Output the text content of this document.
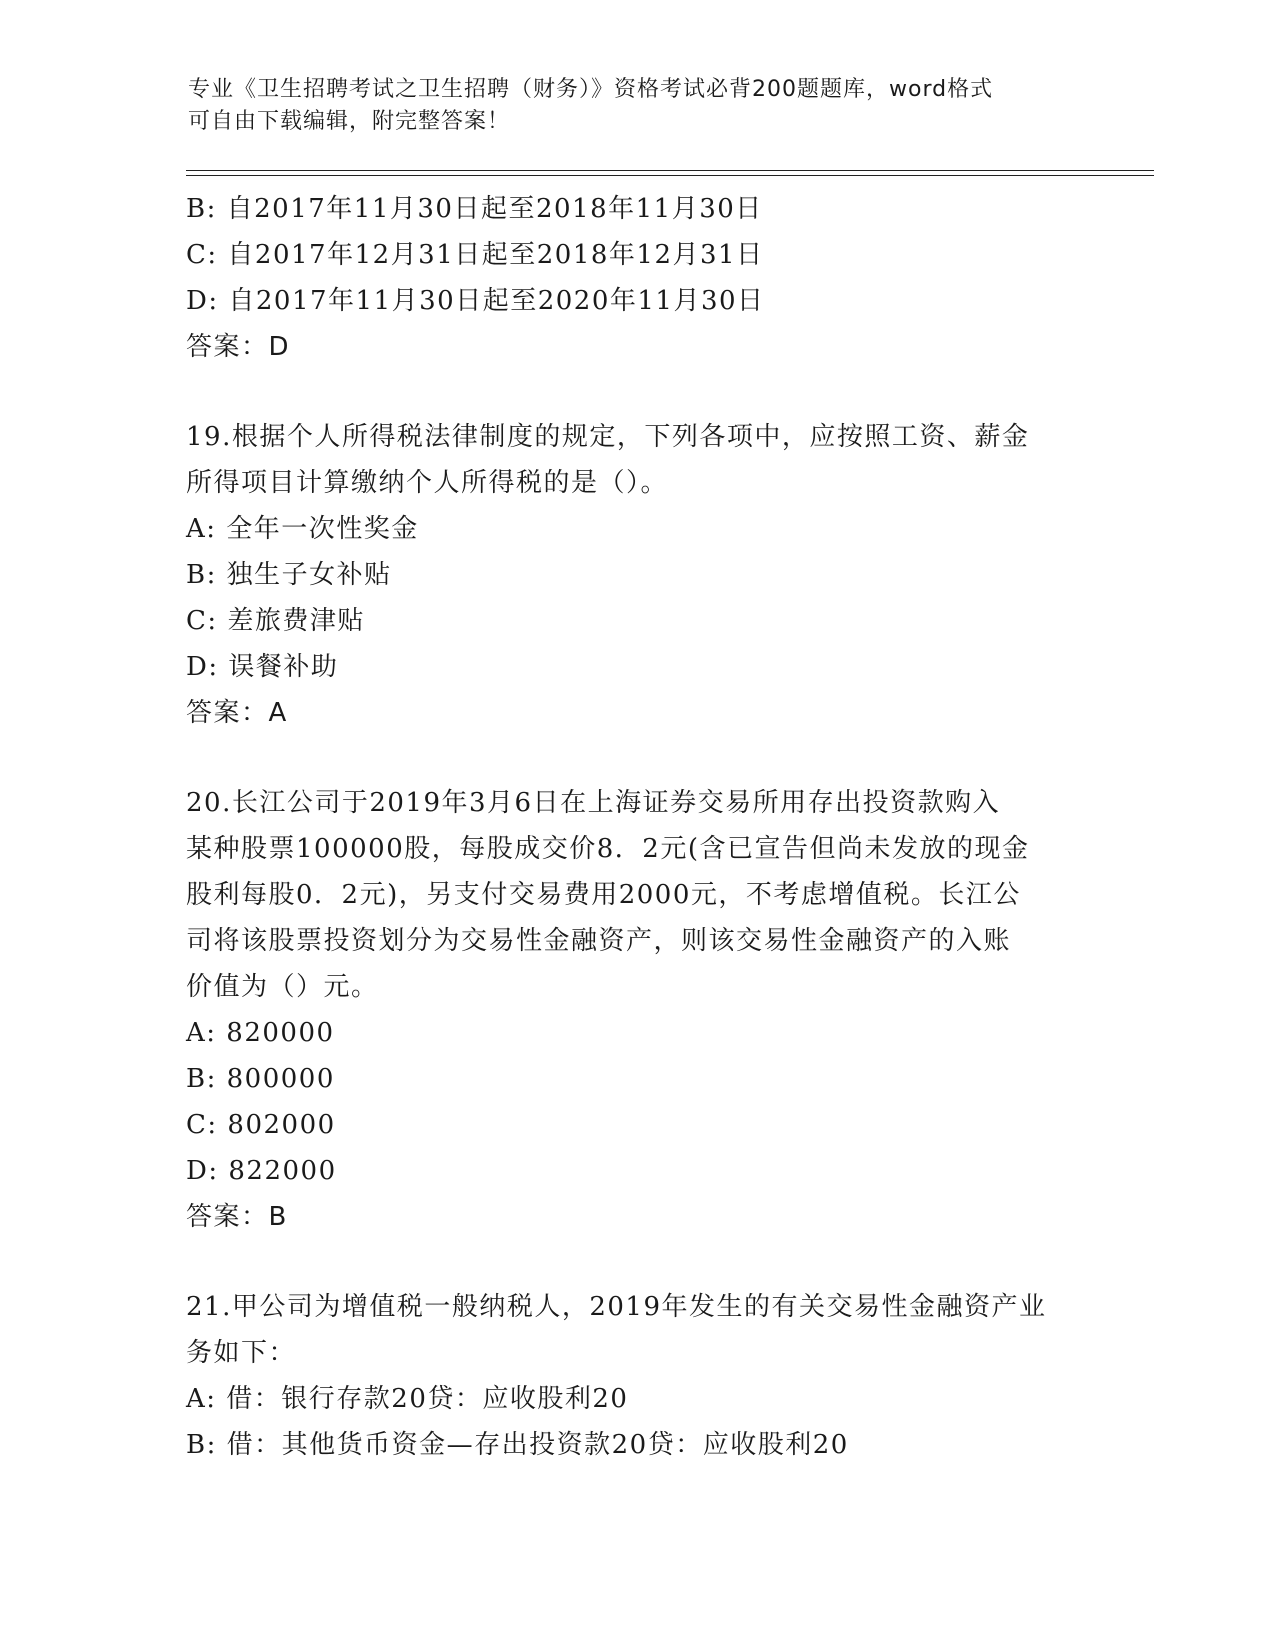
专业《卫生招聘考试之卫生招聘（财务）》资格考试必背200题题库，word格式
可自由下载编辑，附完整答案！
B: 自2017年11月30日起至2018年11月30日
C: 自2017年12月31日起至2018年12月31日
D: 自2017年11月30日起至2020年11月30日
答案：D
19.根据个人所得税法律制度的规定，下列各项中，应按照工资、薪金
所得项目计算缴纳个人所得税的是（）。
A: 全年一次性奖金
B: 独生子女补贴
C: 差旅费津贴
D: 误餐补助
答案：A
20.长江公司于2019年3月6日在上海证券交易所用存出投资款购入
某种股票100000股，每股成交价8．2元(含已宣告但尚未发放的现金
股利每股0．2元)，另支付交易费用2000元，不考虑增值税。长江公
司将该股票投资划分为交易性金融资产，则该交易性金融资产的入账
价值为（）元。
A: 820000
B: 800000
C: 802000
D: 822000
答案：B
21.甲公司为增值税一般纳税人，2019年发生的有关交易性金融资产业
务如下：
A: 借：银行存款20贷：应收股利20
B: 借：其他货币资金—存出投资款20贷：应收股利20
